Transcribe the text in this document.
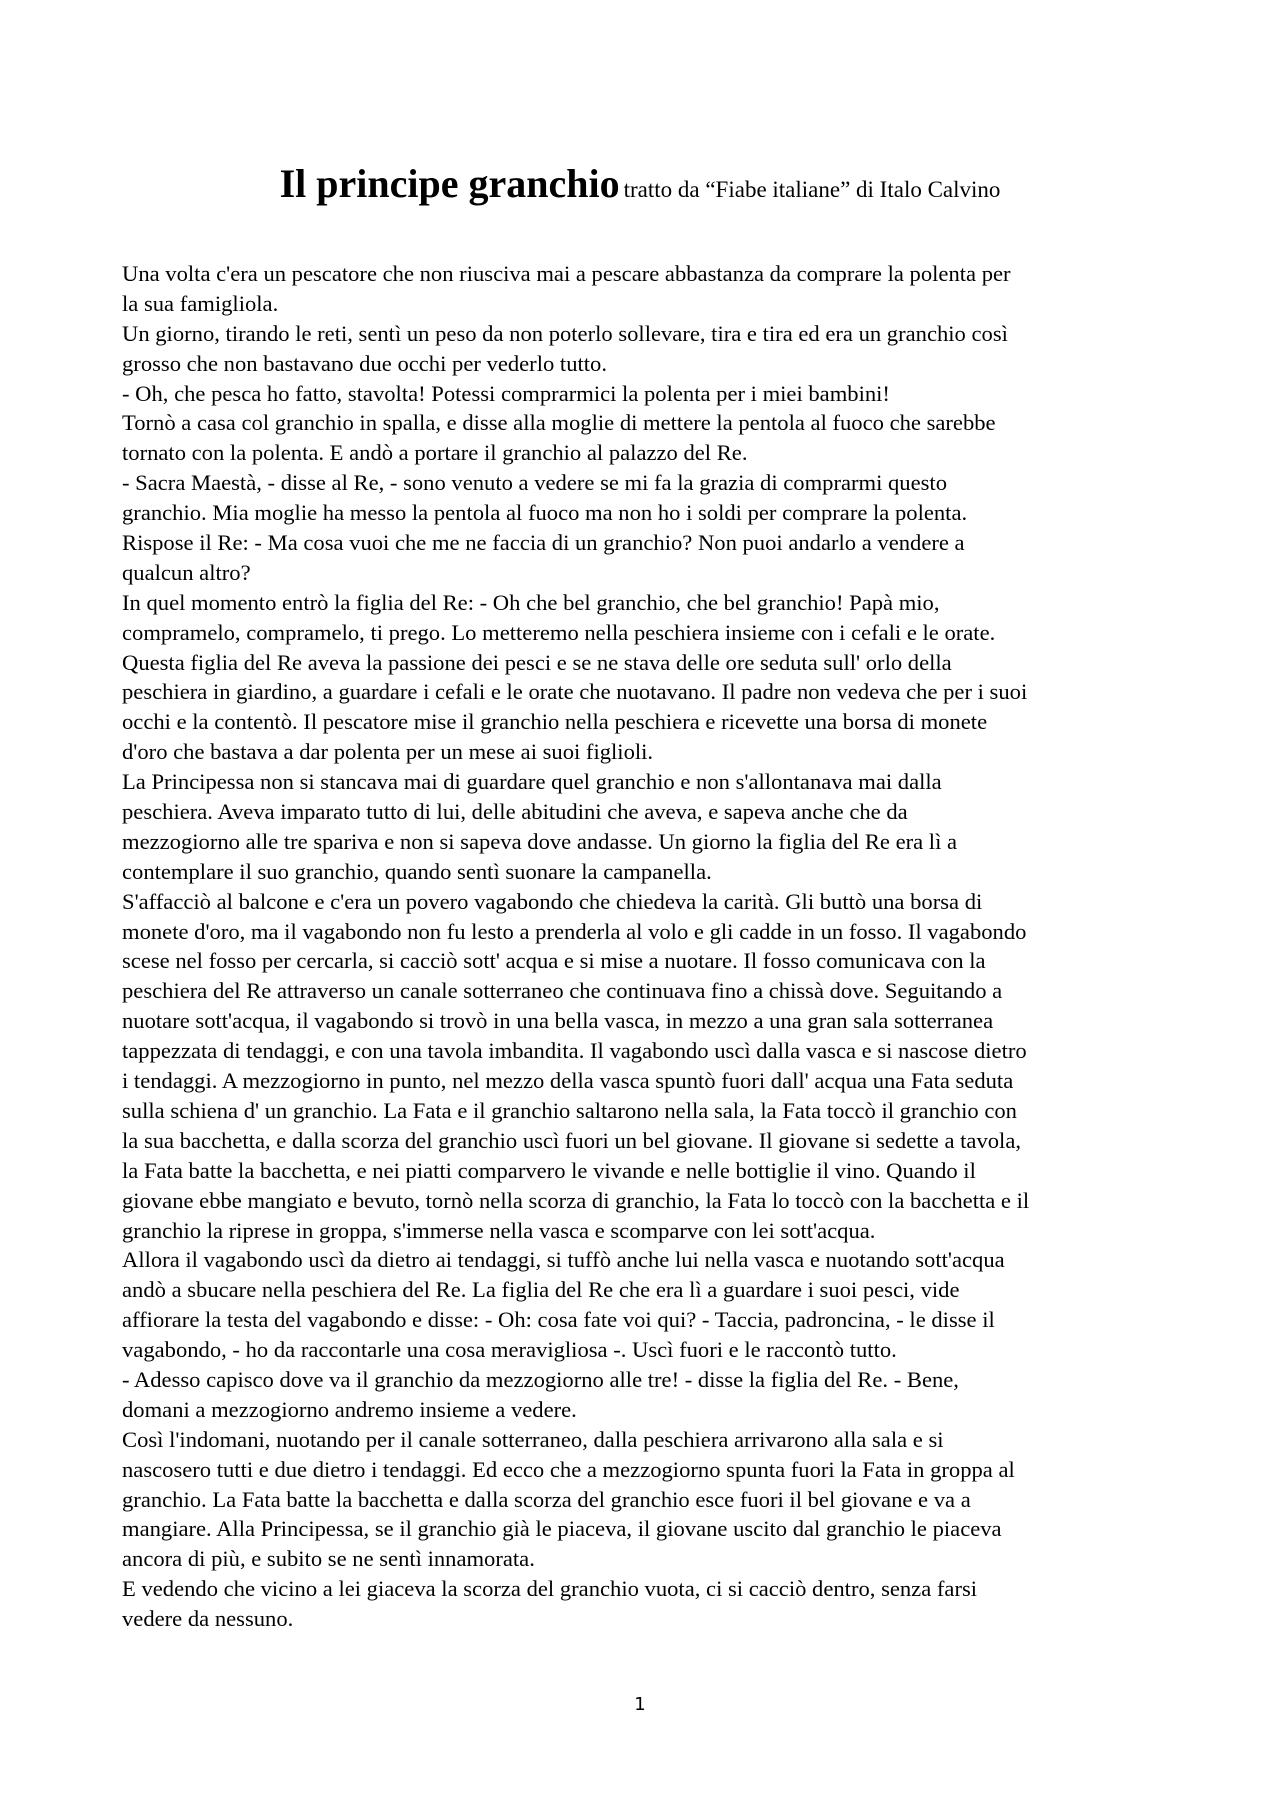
Il principe granchio tratto da “Fiabe italiane” di Italo Calvino
Una volta c'era un pescatore che non riusciva mai a pescare abbastanza da comprare la polenta per
la sua famigliola.
Un giorno, tirando le reti, sentì un peso da non poterlo sollevare, tira e tira ed era un granchio così
grosso che non bastavano due occhi per vederlo tutto.
- Oh, che pesca ho fatto, stavolta! Potessi comprarmici la polenta per i miei bambini!
Tornò a casa col granchio in spalla, e disse alla moglie di mettere la pentola al fuoco che sarebbe
tornato con la polenta. E andò a portare il granchio al palazzo del Re.
- Sacra Maestà, - disse al Re, - sono venuto a vedere se mi fa la grazia di comprarmi questo
granchio. Mia moglie ha messo la pentola al fuoco ma non ho i soldi per comprare la polenta.
Rispose il Re: - Ma cosa vuoi che me ne faccia di un granchio? Non puoi andarlo a vendere a
qualcun altro?
In quel momento entrò la figlia del Re: - Oh che bel granchio, che bel granchio! Papà mio,
compramelo, compramelo, ti prego. Lo metteremo nella peschiera insieme con i cefali e le orate.
Questa figlia del Re aveva la passione dei pesci e se ne stava delle ore seduta sull' orlo della
peschiera in giardino, a guardare i cefali e le orate che nuotavano. Il padre non vedeva che per i suoi
occhi e la contentò. Il pescatore mise il granchio nella peschiera e ricevette una borsa di monete
d'oro che bastava a dar polenta per un mese ai suoi figlioli.
La Principessa non si stancava mai di guardare quel granchio e non s'allontanava mai dalla
peschiera. Aveva imparato tutto di lui, delle abitudini che aveva, e sapeva anche che da
mezzogiorno alle tre spariva e non si sapeva dove andasse. Un giorno la figlia del Re era lì a
contemplare il suo granchio, quando sentì suonare la campanella.
S'affacciò al balcone e c'era un povero vagabondo che chiedeva la carità. Gli buttò una borsa di
monete d'oro, ma il vagabondo non fu lesto a prenderla al volo e gli cadde in un fosso. Il vagabondo
scese nel fosso per cercarla, si cacciò sott' acqua e si mise a nuotare. Il fosso comunicava con la
peschiera del Re attraverso un canale sotterraneo che continuava fino a chissà dove. Seguitando a
nuotare sott'acqua, il vagabondo si trovò in una bella vasca, in mezzo a una gran sala sotterranea
tappezzata di tendaggi, e con una tavola imbandita. Il vagabondo uscì dalla vasca e si nascose dietro
i tendaggi. A mezzogiorno in punto, nel mezzo della vasca spuntò fuori dall' acqua una Fata seduta
sulla schiena d' un granchio. La Fata e il granchio saltarono nella sala, la Fata toccò il granchio con
la sua bacchetta, e dalla scorza del granchio uscì fuori un bel giovane. Il giovane si sedette a tavola,
la Fata batte la bacchetta, e nei piatti comparvero le vivande e nelle bottiglie il vino. Quando il
giovane ebbe mangiato e bevuto, tornò nella scorza di granchio, la Fata lo toccò con la bacchetta e il
granchio la riprese in groppa, s'immerse nella vasca e scomparve con lei sott'acqua.
Allora il vagabondo uscì da dietro ai tendaggi, si tuffò anche lui nella vasca e nuotando sott'acqua
andò a sbucare nella peschiera del Re. La figlia del Re che era lì a guardare i suoi pesci, vide
affiorare la testa del vagabondo e disse: - Oh: cosa fate voi qui? - Taccia, padroncina, - le disse il
vagabondo, - ho da raccontarle una cosa meravigliosa -. Uscì fuori e le raccontò tutto.
- Adesso capisco dove va il granchio da mezzogiorno alle tre! - disse la figlia del Re. - Bene,
domani a mezzogiorno andremo insieme a vedere.
Così l'indomani, nuotando per il canale sotterraneo, dalla peschiera arrivarono alla sala e si
nascosero tutti e due dietro i tendaggi. Ed ecco che a mezzogiorno spunta fuori la Fata in groppa al
granchio. La Fata batte la bacchetta e dalla scorza del granchio esce fuori il bel giovane e va a
mangiare. Alla Principessa, se il granchio già le piaceva, il giovane uscito dal granchio le piaceva
ancora di più, e subito se ne sentì innamorata.
E vedendo che vicino a lei giaceva la scorza del granchio vuota, ci si cacciò dentro, senza farsi
vedere da nessuno.
1
